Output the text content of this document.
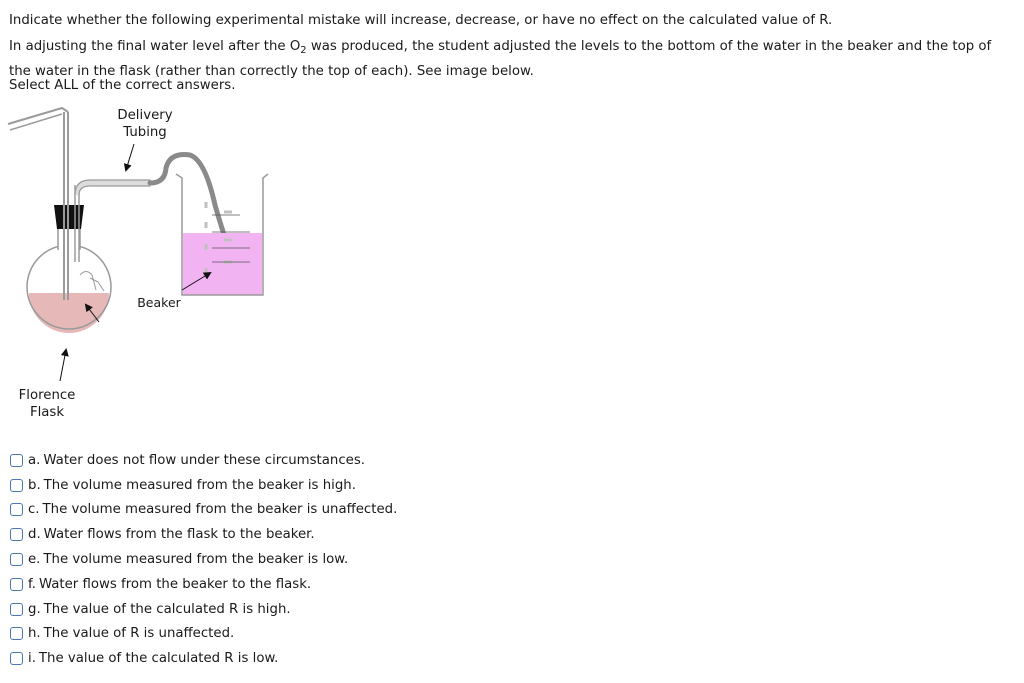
Indicate whether the following experimental mistake will increase, decrease, or have no effect on the calculated value of R.

In adjusting the final water level after the $O_2$ was produced, the student adjusted the levels to the bottom of the water in the beaker and the top of the water in the flask (rather than correctly the top of each). See image below.

Select ALL of the correct answers.

Delivery
Tubing
Beaker
Florence
Flask
a. Water does not flow under these circumstances.
b. The volume measured from the beaker is high.
c. The volume measured from the beaker is unaffected.
d. Water flows from the flask to the beaker.
e. The volume measured from the beaker is low.
f. Water flows from the beaker to the flask.
g. The value of the calculated R is high.
h. The value of R is unaffected.
i. The value of the calculated R is low.
